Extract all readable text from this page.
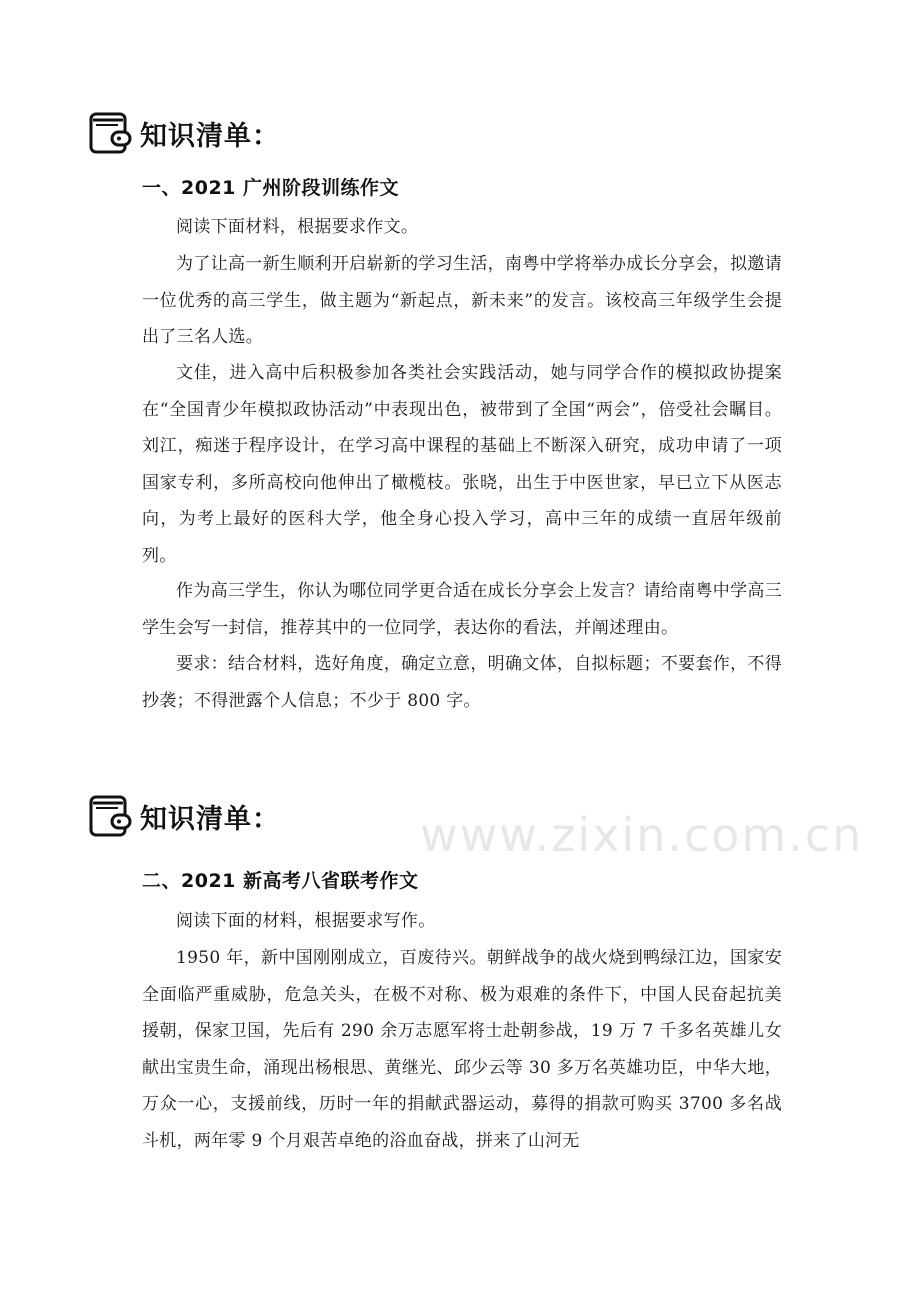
知识清单：
一、2021 广州阶段训练作文

阅读下面材料，根据要求作文。

为了让高一新生顺利开启崭新的学习生活，南粤中学将举办成长分享会，拟邀请一位优秀的高三学生，做主题为“新起点，新未来”的发言。该校高三年级学生会提出了三名人选。

文佳，进入高中后积极参加各类社会实践活动，她与同学合作的模拟政协提案在“全国青少年模拟政协活动”中表现出色，被带到了全国“两会”，倍受社会瞩目。刘江，痴迷于程序设计，在学习高中课程的基础上不断深入研究，成功申请了一项国家专利，多所高校向他伸出了橄榄枝。张晓，出生于中医世家，早已立下从医志向，为考上最好的医科大学，他全身心投入学习，高中三年的成绩一直居年级前列。

作为高三学生，你认为哪位同学更合适在成长分享会上发言？请给南粤中学高三学生会写一封信，推荐其中的一位同学，表达你的看法，并阐述理由。

要求：结合材料，选好角度，确定立意，明确文体，自拟标题；不要套作，不得抄袭；不得泄露个人信息；不少于 800 字。

www.zixin.com.cn
知识清单：
二、2021 新高考八省联考作文

阅读下面的材料，根据要求写作。

1950 年，新中国刚刚成立，百废待兴。朝鲜战争的战火烧到鸭绿江边，国家安全面临严重威胁，危急关头，在极不对称、极为艰难的条件下，中国人民奋起抗美援朝，保家卫国，先后有 290 余万志愿军将士赴朝参战，19 万 7 千多名英雄儿女献出宝贵生命，涌现出杨根思、黄继光、邱少云等 30 多万名英雄功臣，中华大地，万众一心，支援前线，历时一年的捐献武器运动，募得的捐款可购买 3700 多名战斗机，两年零 9 个月艰苦卓绝的浴血奋战，拼来了山河无
